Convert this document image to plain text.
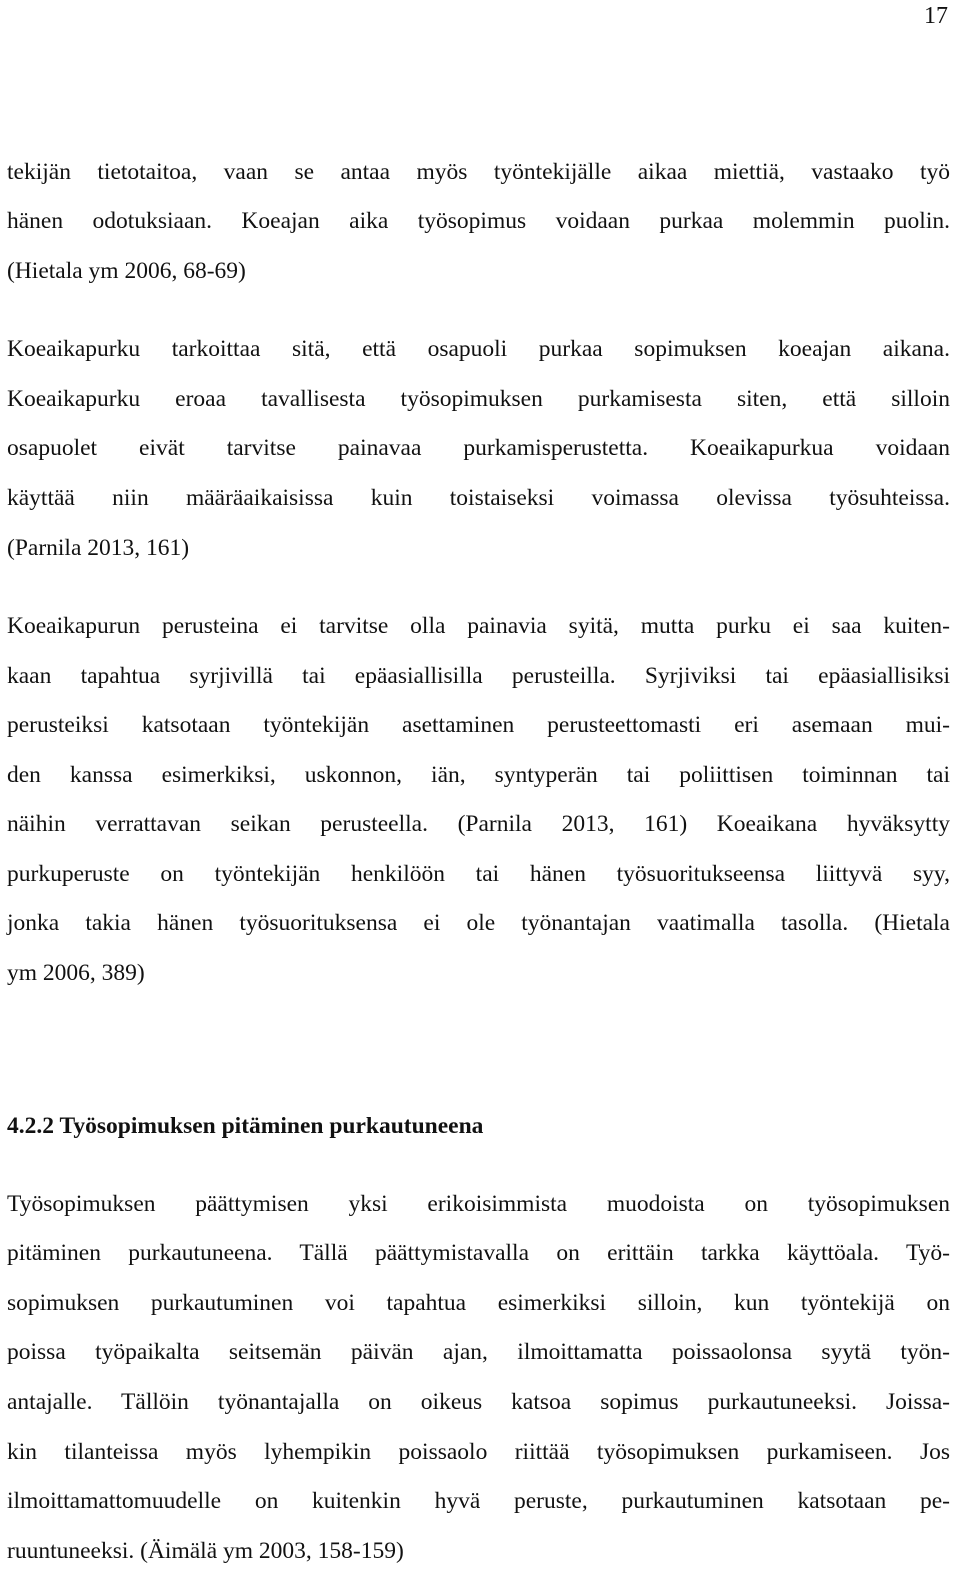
17
tekijän tietotaitoa, vaan se antaa myös työntekijälle aikaa miettiä, vastaako työ
hänen odotuksiaan. Koeajan aika työsopimus voidaan purkaa molemmin puolin.
(Hietala ym 2006, 68-69)
Koeaikapurku tarkoittaa sitä, että osapuoli purkaa sopimuksen koeajan aikana.
Koeaikapurku eroaa tavallisesta työsopimuksen purkamisesta siten, että silloin
osapuolet eivät tarvitse painavaa purkamisperustetta. Koeaikapurkua voidaan
käyttää niin määräaikaisissa kuin toistaiseksi voimassa olevissa työsuhteissa.
(Parnila 2013, 161)
Koeaikapurun perusteina ei tarvitse olla painavia syitä, mutta purku ei saa kuiten-
kaan tapahtua syrjivillä tai epäasiallisilla perusteilla. Syrjiviksi tai epäasiallisiksi
perusteiksi katsotaan työntekijän asettaminen perusteettomasti eri asemaan mui-
den kanssa esimerkiksi, uskonnon, iän, syntyperän tai poliittisen toiminnan tai
näihin verrattavan seikan perusteella. (Parnila 2013, 161) Koeaikana hyväksytty
purkuperuste on työntekijän henkilöön tai hänen työsuoritukseensa liittyvä syy,
jonka takia hänen työsuorituksensa ei ole työnantajan vaatimalla tasolla. (Hietala
ym 2006, 389)
4.2.2 Työsopimuksen pitäminen purkautuneena
Työsopimuksen päättymisen yksi erikoisimmista muodoista on työsopimuksen
pitäminen purkautuneena. Tällä päättymistavalla on erittäin tarkka käyttöala. Työ-
sopimuksen purkautuminen voi tapahtua esimerkiksi silloin, kun työntekijä on
poissa työpaikalta seitsemän päivän ajan, ilmoittamatta poissaolonsa syytä työn-
antajalle. Tällöin työnantajalla on oikeus katsoa sopimus purkautuneeksi. Joissa-
kin tilanteissa myös lyhempikin poissaolo riittää työsopimuksen purkamiseen. Jos
ilmoittamattomuudelle on kuitenkin hyvä peruste, purkautuminen katsotaan pe-
ruuntuneeksi. (Äimälä ym 2003, 158-159)
